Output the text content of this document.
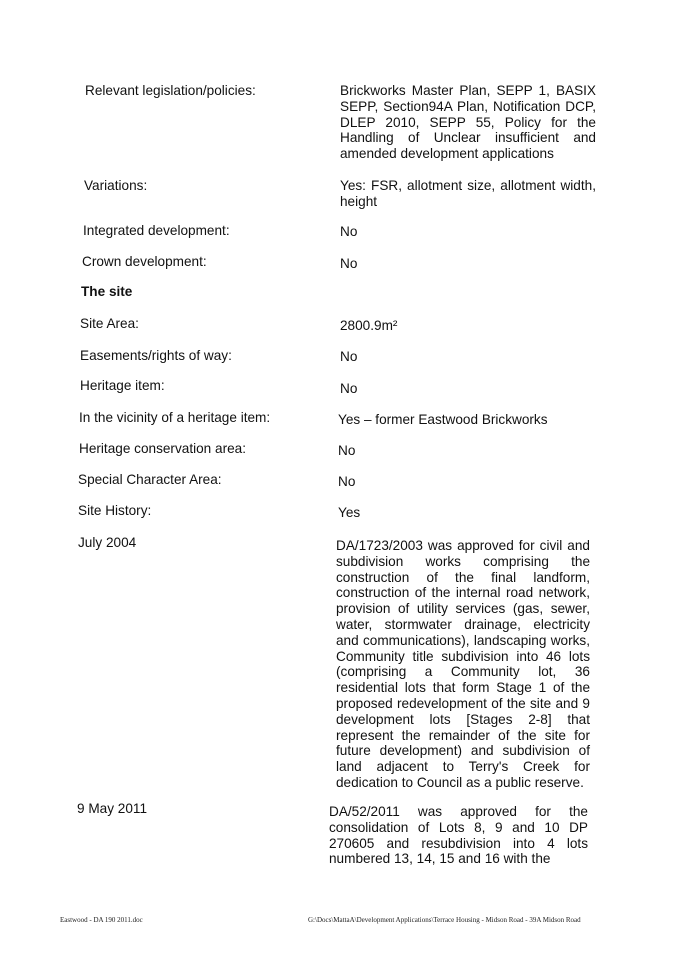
Relevant legislation/policies:	Brickworks Master Plan, SEPP 1, BASIX SEPP, Section94A Plan, Notification DCP, DLEP 2010, SEPP 55, Policy for the Handling of Unclear insufficient and amended development applications
Variations:	Yes: FSR, allotment size, allotment width, height
Integrated development:	No
Crown development:	No
The site
Site Area:	2800.9m²
Easements/rights of way:	No
Heritage item:	No
In the vicinity of a heritage item:	Yes – former Eastwood Brickworks
Heritage conservation area:	No
Special Character Area:	No
Site History:	Yes
July 2004	DA/1723/2003 was approved for civil and subdivision works comprising the construction of the final landform, construction of the internal road network, provision of utility services (gas, sewer, water, stormwater drainage, electricity and communications), landscaping works, Community title subdivision into 46 lots (comprising a Community lot, 36 residential lots that form Stage 1 of the proposed redevelopment of the site and 9 development lots [Stages 2-8] that represent the remainder of the site for future development) and subdivision of land adjacent to Terry's Creek for dedication to Council as a public reserve.
9 May 2011	DA/52/2011 was approved for the consolidation of Lots 8, 9 and 10 DP 270605 and resubdivision into 4 lots numbered 13, 14, 15 and 16 with the
Eastwood - DA 190 2011.doc	G:\Docs\MattaA\Development Applications\Terrace Housing - Midson Road - 39A Midson Road
